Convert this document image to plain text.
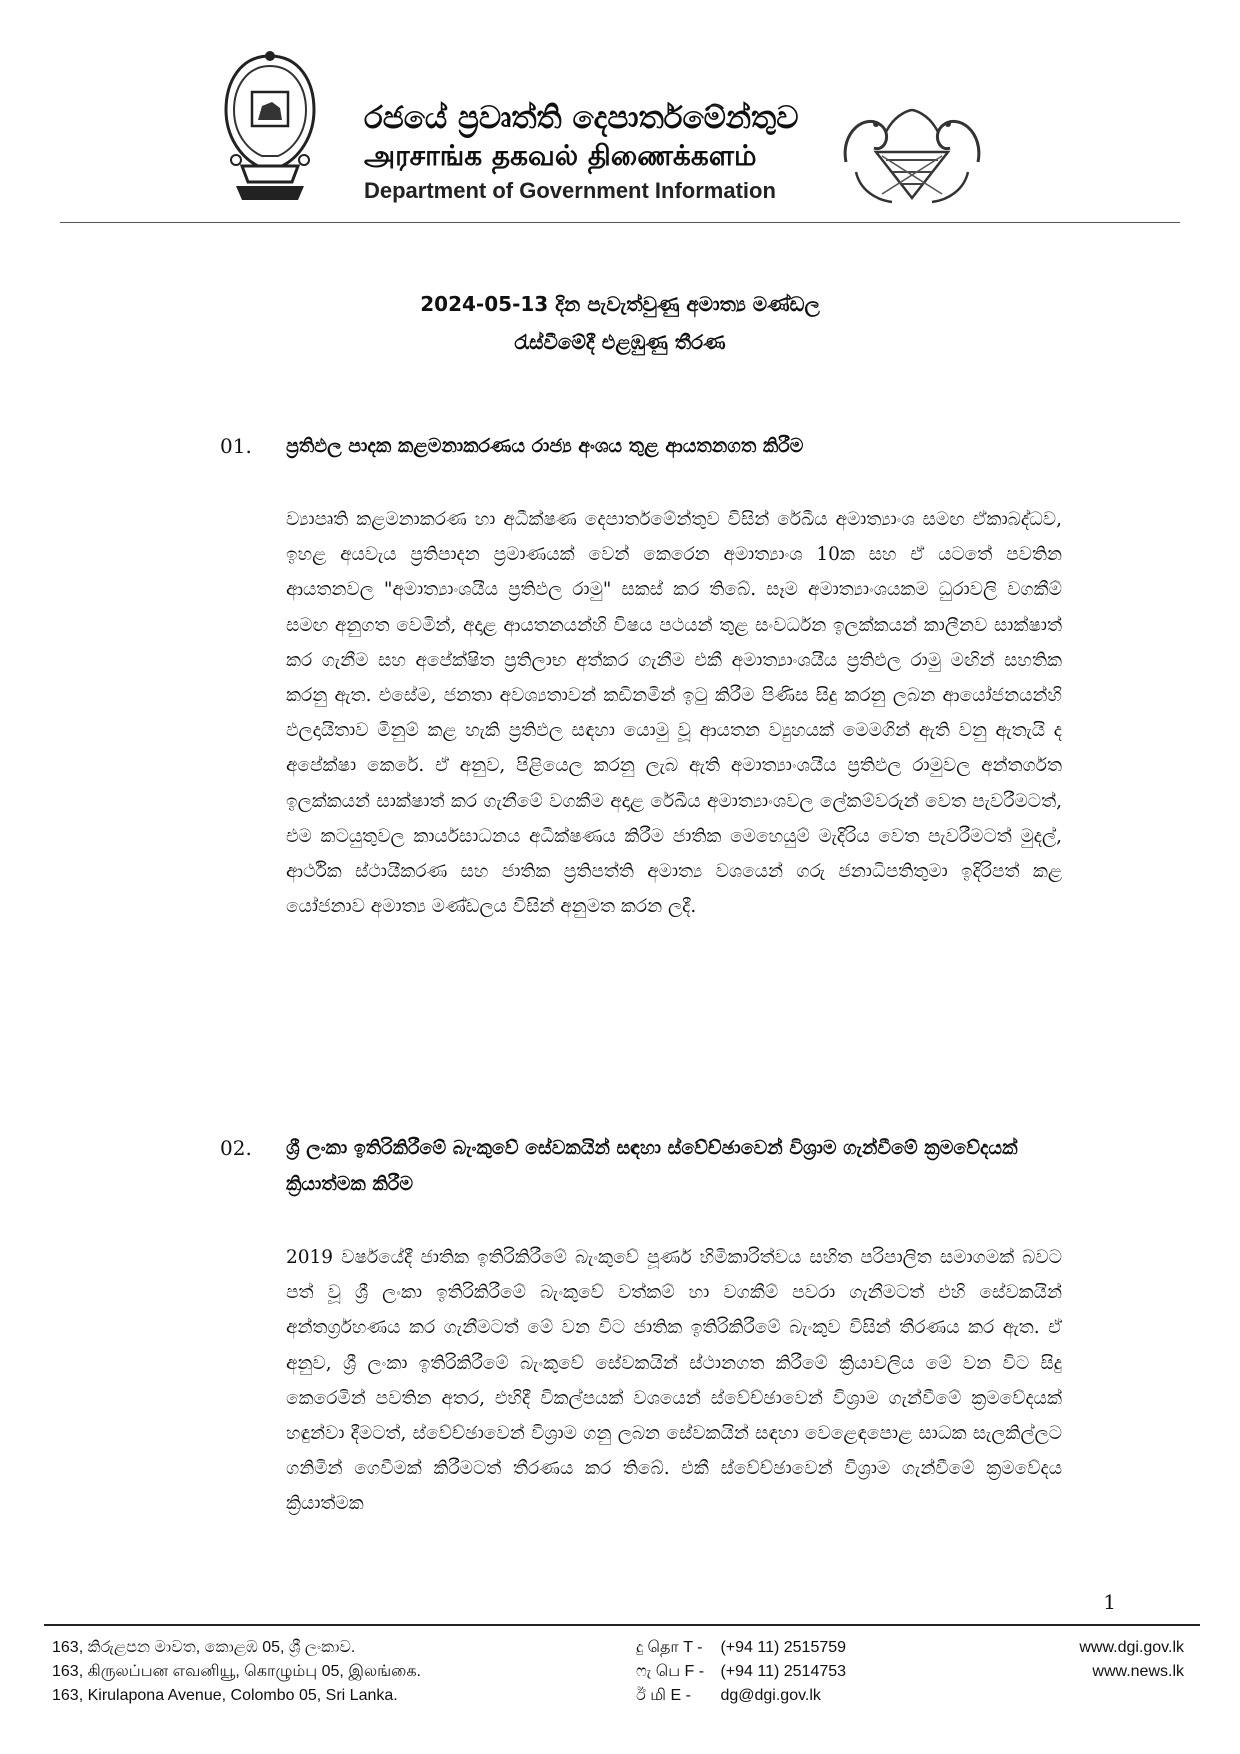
රජයේ ප්‍රවෘත්ති දෙපාර්තමේන්තුව
அரசாங்க தகவல் திணைக்களம்
Department of Government Information
2024-05-13 දින පැවැත්වුණු අමාත්‍ය මණ්ඩල
රැස්වීමේදී එළඹුණු තීරණ
01. ප්‍රතිඵල පාදක කළමනාකරණය රාජ්‍ය අංශය තුළ ආයතනගත කිරීම
ව්‍යාපෘති කළමනාකරණ හා අධීක්ෂණ දෙපාර්තමේන්තුව විසින් රේඛීය අමාත්‍යාංශ සමඟ ඒකාබද්ධව, ඉහළ අයවැය ප්‍රතිපාදන ප්‍රමාණයක් වෙන් කෙරෙන අමාත්‍යාංශ 10ක සහ ඒ යටතේ පවතින ආයතනවල "අමාත්‍යාංශයීය ප්‍රතිඵල රාමු" සකස් කර තිබේ. සෑම අමාත්‍යාංශයකම ධුරාවලි වගකීම් සමඟ අනුගත වෙමින්, අදාළ ආයතනයන්හි විෂය පථයන් තුළ සංවර්ධන ඉලක්කයන් කාලීනව සාක්ෂාත් කර ගැනීම සහ අපේක්ෂිත ප්‍රතිලාභ අත්කර ගැනීම එකී අමාත්‍යාංශයීය ප්‍රතිඵල රාමු මඟින් සහතික කරනු ඇත. එසේම, ජනතා අවශ්‍යතාවන් කඩිනමින් ඉටු කිරීම පිණිස සිදු කරනු ලබන ආයෝජනයන්හි ඵලදායිතාව මිනුම් කළ හැකි ප්‍රතිඵල සඳහා යොමු වූ ආයතන ව්‍යුහයක් මෙමගින් ඇති වනු ඇතැයි ද අපේක්ෂා කෙරේ. ඒ අනුව, පිළියෙල කරනු ලැබ ඇති අමාත්‍යාංශයීය ප්‍රතිඵල රාමුවල අන්තර්ගත ඉලක්කයන් සාක්ෂාත් කර ගැනීමේ වගකීම අදාළ රේඛීය අමාත්‍යාංශවල ලේකම්වරුන් වෙත පැවරීමටත්, එම කටයුතුවල කාර්යසාධනය අධීක්ෂණය කිරීම ජාතික මෙහෙයුම් මැදිරිය වෙත පැවරීමටත් මුදල්, ආර්ථික ස්ථායීකරණ සහ ජාතික ප්‍රතිපත්ති අමාත්‍ය වශයෙන් ගරු ජනාධිපතිතුමා ඉදිරිපත් කළ යෝජනාව අමාත්‍ය මණ්ඩලය විසින් අනුමත කරන ලදී.
02. ශ්‍රී ලංකා ඉතිරිකිරීමේ බැංකුවේ සේවකයින් සඳහා ස්වේච්ඡාවෙන් විශ්‍රාම ගැන්වීමේ ක්‍රමවේදයක් ක්‍රියාත්මක කිරීම
2019 වර්ෂයේදී ජාතික ඉතිරිකිරීමේ බැංකුවේ පූර්ණ හිමිකාරිත්වය සහිත පරිපාලිත සමාගමක් බවට පත් වූ ශ්‍රී ලංකා ඉතිරිකිරීමේ බැංකුවේ වත්කම් හා වගකීම් පවරා ගැනීමටත් එහි සේවකයින් අන්තර්ග්‍රහණය කර ගැනීමටත් මේ වන විට ජාතික ඉතිරිකිරීමේ බැංකුව විසින් තීරණය කර ඇත. ඒ අනුව, ශ්‍රී ලංකා ඉතිරිකිරීමේ බැංකුවේ සේවකයින් ස්ථානගත කිරීමේ ක්‍රියාවලිය මේ වන විට සිදු කෙරෙමින් පවතින අතර, එහිදී විකල්පයක් වශයෙන් ස්වේච්ඡාවෙන් විශ්‍රාම ගැන්වීමේ ක්‍රමවේදයක් හඳුන්වා දීමටත්, ස්වේච්ඡාවෙන් විශ්‍රාම ගනු ලබන සේවකයින් සඳහා වෙළෙඳපොළ සාධක සැලකිල්ලට ගනිමින් ගෙවීමක් කිරීමටත් තීරණය කර තිබේ. එකී ස්වේච්ඡාවෙන් විශ්‍රාම ගැන්වීමේ ක්‍රමවේදය ක්‍රියාත්මක
1
163, කිරුළපන මාවත, කොළඹ 05, ශ්‍රී ලංකාව.
163, கிருலப்பன எவனியூ, கொழும்பு 05, இலங்கை.
163, Kirulapona Avenue, Colombo 05, Sri Lanka.
දු தொ T - (+94 11) 2515759
ෆැ பெ F - (+94 11) 2514753
ඊ மி E - dg@dgi.gov.lk
www.dgi.gov.lk
www.news.lk
